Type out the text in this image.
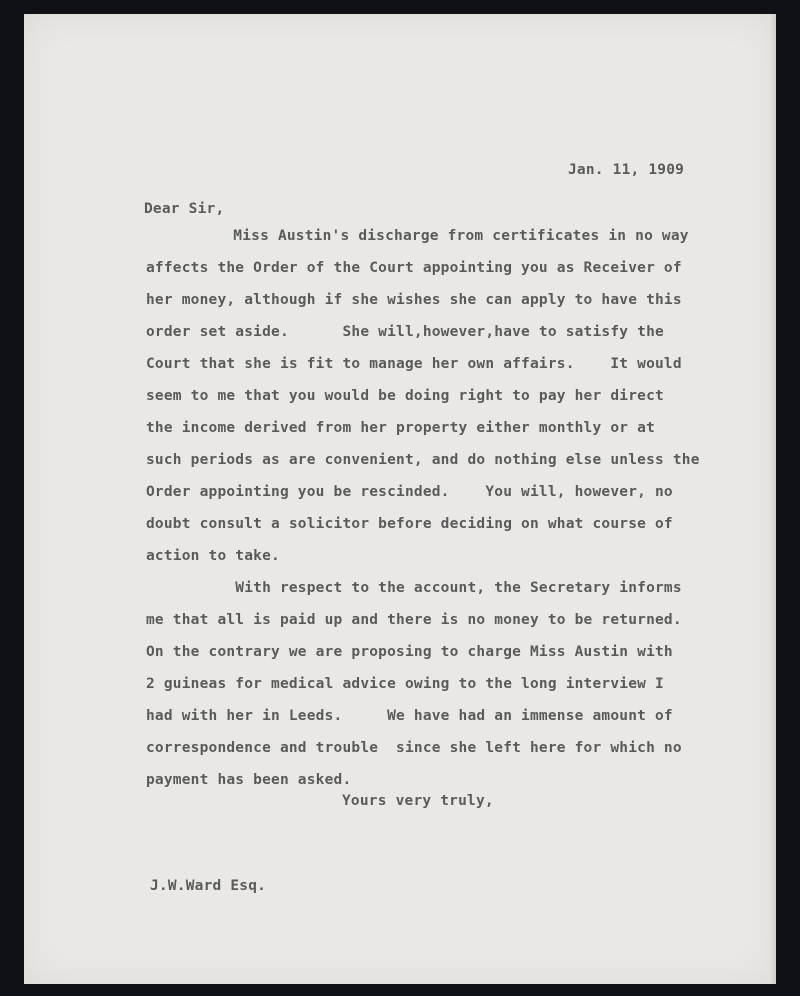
Jan. 11, 1909
Dear Sir,
Miss Austin's discharge from certificates in no way
affects the Order of the Court appointing you as Receiver of
her money, although if she wishes she can apply to have this
order set aside.      She will,however,have to satisfy the
Court that she is fit to manage her own affairs.    It would
seem to me that you would be doing right to pay her direct
the income derived from her property either monthly or at
such periods as are convenient, and do nothing else unless the
Order appointing you be rescinded.    You will, however, no
doubt consult a solicitor before deciding on what course of
action to take.
With respect to the account, the Secretary informs
me that all is paid up and there is no money to be returned.
On the contrary we are proposing to charge Miss Austin with
2 guineas for medical advice owing to the long interview I
had with her in Leeds.     We have had an immense amount of
correspondence and trouble  since she left here for which no
payment has been asked.
Yours very truly,
J.W.Ward Esq.
